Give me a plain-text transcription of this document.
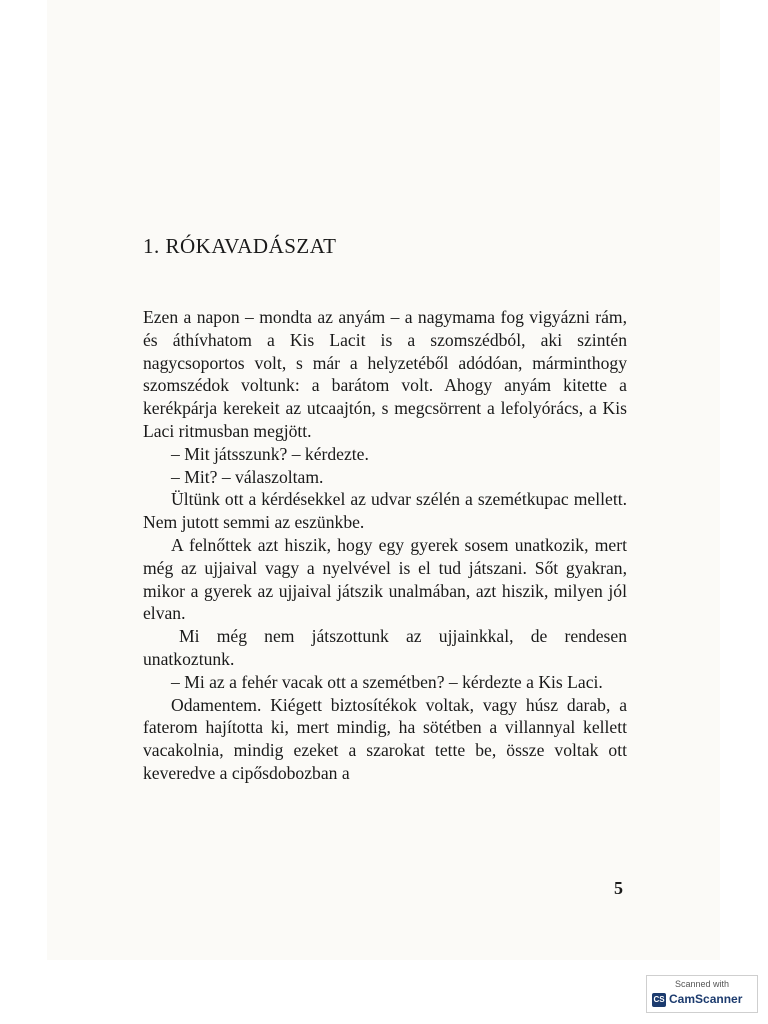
1. RÓKAVADÁSZAT

Ezen a napon – mondta az anyám – a nagymama fog vigyázni rám, és áthívhatom a Kis Lacit is a szomszédból, aki szintén nagycsoportos volt, s már a helyzetéből adódóan, márminthogy szomszédok voltunk: a barátom volt. Ahogy anyám kitette a kerékpárja kerekeit az utcaajtón, s megcsörrent a lefolyórács, a Kis Laci ritmusban megjött.

– Mit játsszunk? – kérdezte.

– Mit? – válaszoltam.

Ültünk ott a kérdésekkel az udvar szélén a szemétkupac mellett. Nem jutott semmi az eszünkbe.

A felnőttek azt hiszik, hogy egy gyerek sosem unatkozik, mert még az ujjaival vagy a nyelvével is el tud játszani. Sőt gyakran, mikor a gyerek az ujjaival játszik unalmában, azt hiszik, milyen jól elvan.

Mi még nem játszottunk az ujjainkkal, de rendesen unatkoztunk.

– Mi az a fehér vacak ott a szemétben? – kérdezte a Kis Laci.

Odamentem. Kiégett biztosítékok voltak, vagy húsz darab, a faterom hajította ki, mert mindig, ha sötétben a villannyal kellett vacakolnia, mindig ezeket a szarokat tette be, össze voltak ott keveredve a cipősdobozban a

5
Scanned with
CS CamScanner
